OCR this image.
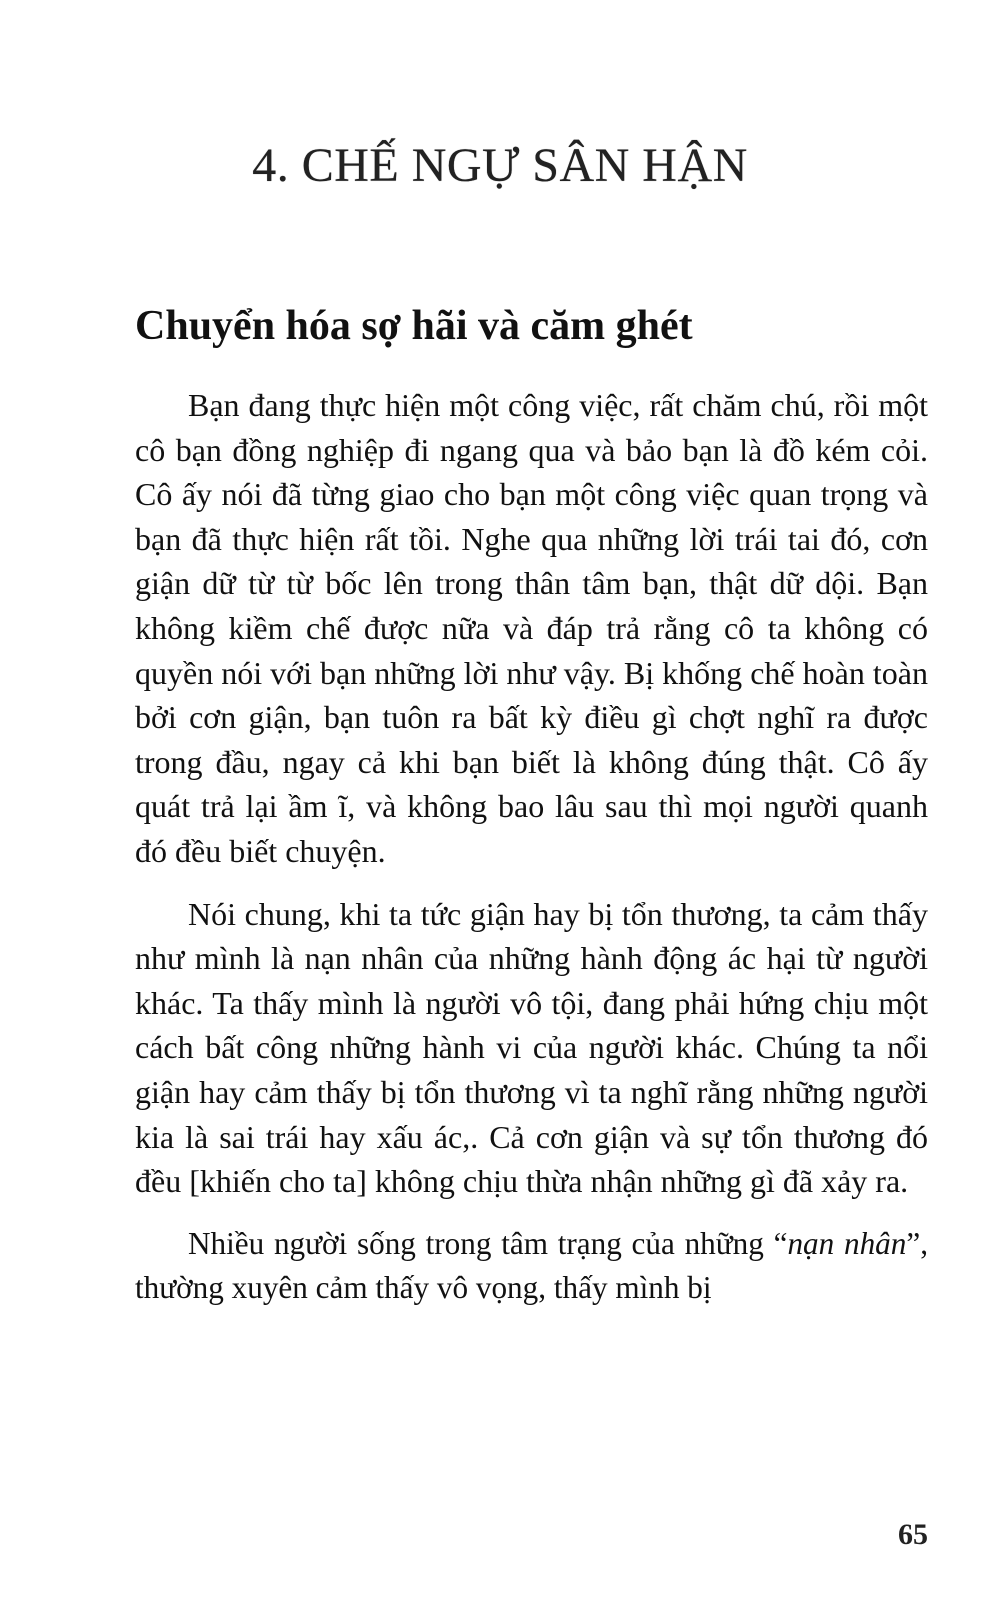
4. CHẾ NGỰ SÂN HẬN
Chuyển hóa sợ hãi và căm ghét

Bạn đang thực hiện một công việc, rất chăm chú, rồi một cô bạn đồng nghiệp đi ngang qua và bảo bạn là đồ kém cỏi. Cô ấy nói đã từng giao cho bạn một công việc quan trọng và bạn đã thực hiện rất tồi. Nghe qua những lời trái tai đó, cơn giận dữ từ từ bốc lên trong thân tâm bạn, thật dữ dội. Bạn không kiềm chế được nữa và đáp trả rằng cô ta không có quyền nói với bạn những lời như vậy. Bị khống chế hoàn toàn bởi cơn giận, bạn tuôn ra bất kỳ điều gì chợt nghĩ ra được trong đầu, ngay cả khi bạn biết là không đúng thật. Cô ấy quát trả lại ầm ĩ, và không bao lâu sau thì mọi người quanh đó đều biết chuyện.

Nói chung, khi ta tức giận hay bị tổn thương, ta cảm thấy như mình là nạn nhân của những hành động ác hại từ người khác. Ta thấy mình là người vô tội, đang phải hứng chịu một cách bất công những hành vi của người khác. Chúng ta nổi giận hay cảm thấy bị tổn thương vì ta nghĩ rằng những người kia là sai trái hay xấu ác,. Cả cơn giận và sự tổn thương đó đều [khiến cho ta] không chịu thừa nhận những gì đã xảy ra.

Nhiều người sống trong tâm trạng của những “nạn nhân”, thường xuyên cảm thấy vô vọng, thấy mình bị

65
